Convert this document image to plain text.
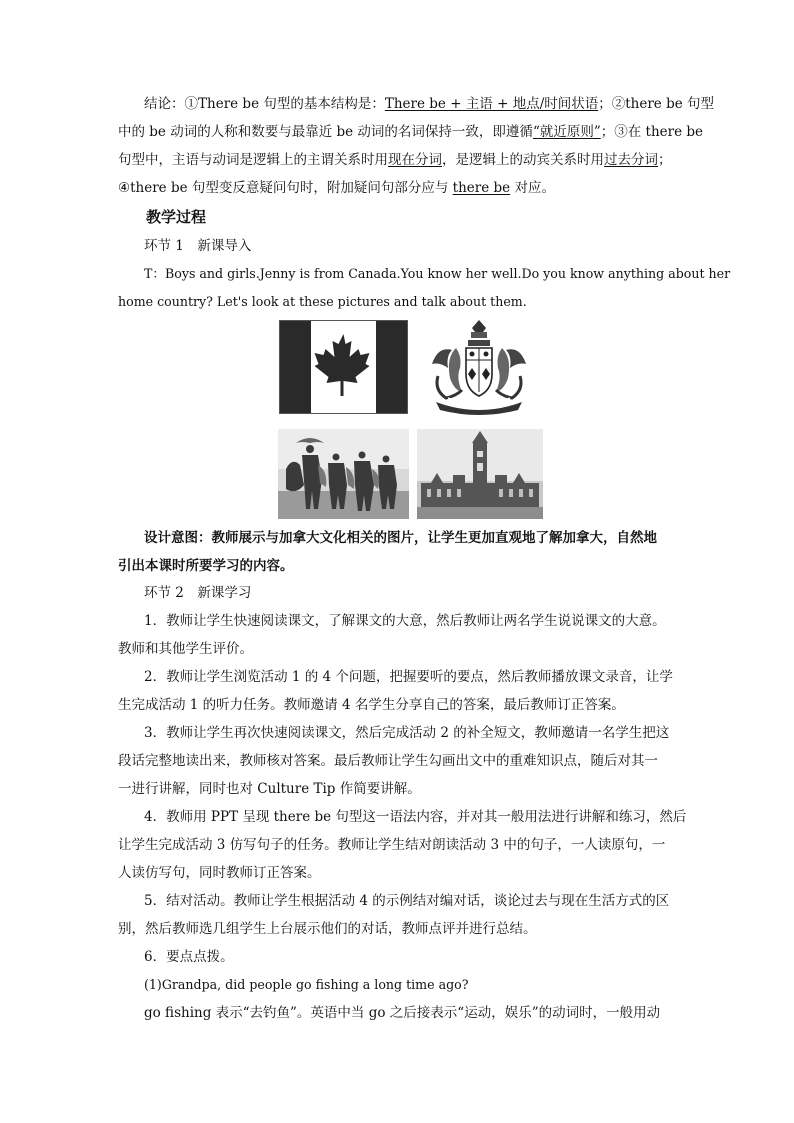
结论：①There be 句型的基本结构是：There be + 主语 + 地点/时间状语；②there be 句型
中的 be 动词的人称和数要与最靠近 be 动词的名词保持一致，即遵循“就近原则”；③在 there be
句型中，主语与动词是逻辑上的主谓关系时用现在分词，是逻辑上的动宾关系时用过去分词；
④there be 句型变反意疑问句时，附加疑问句部分应与 there be 对应。
教学过程
环节 1　新课导入
T：Boys and girls.Jenny is from Canada.You know her well.Do you know anything about her
home country? Let's look at these pictures and talk about them.
设计意图：教师展示与加拿大文化相关的图片，让学生更加直观地了解加拿大，自然地
引出本课时所要学习的内容。
环节 2　新课学习
1．教师让学生快速阅读课文，了解课文的大意，然后教师让两名学生说说课文的大意。
教师和其他学生评价。
2．教师让学生浏览活动 1 的 4 个问题，把握要听的要点，然后教师播放课文录音，让学
生完成活动 1 的听力任务。教师邀请 4 名学生分享自己的答案，最后教师订正答案。
3．教师让学生再次快速阅读课文，然后完成活动 2 的补全短文，教师邀请一名学生把这
段话完整地读出来，教师核对答案。最后教师让学生勾画出文中的重难知识点，随后对其一
一进行讲解，同时也对 Culture Tip 作简要讲解。
4．教师用 PPT 呈现 there be 句型这一语法内容，并对其一般用法进行讲解和练习，然后
让学生完成活动 3 仿写句子的任务。教师让学生结对朗读活动 3 中的句子，一人读原句，一
人读仿写句，同时教师订正答案。
5．结对活动。教师让学生根据活动 4 的示例结对编对话，谈论过去与现在生活方式的区
别，然后教师选几组学生上台展示他们的对话，教师点评并进行总结。
6．要点点拨。
(1)Grandpa, did people go fishing a long time ago?
go fishing 表示“去钓鱼”。英语中当 go 之后接表示“运动，娱乐”的动词时，一般用动
